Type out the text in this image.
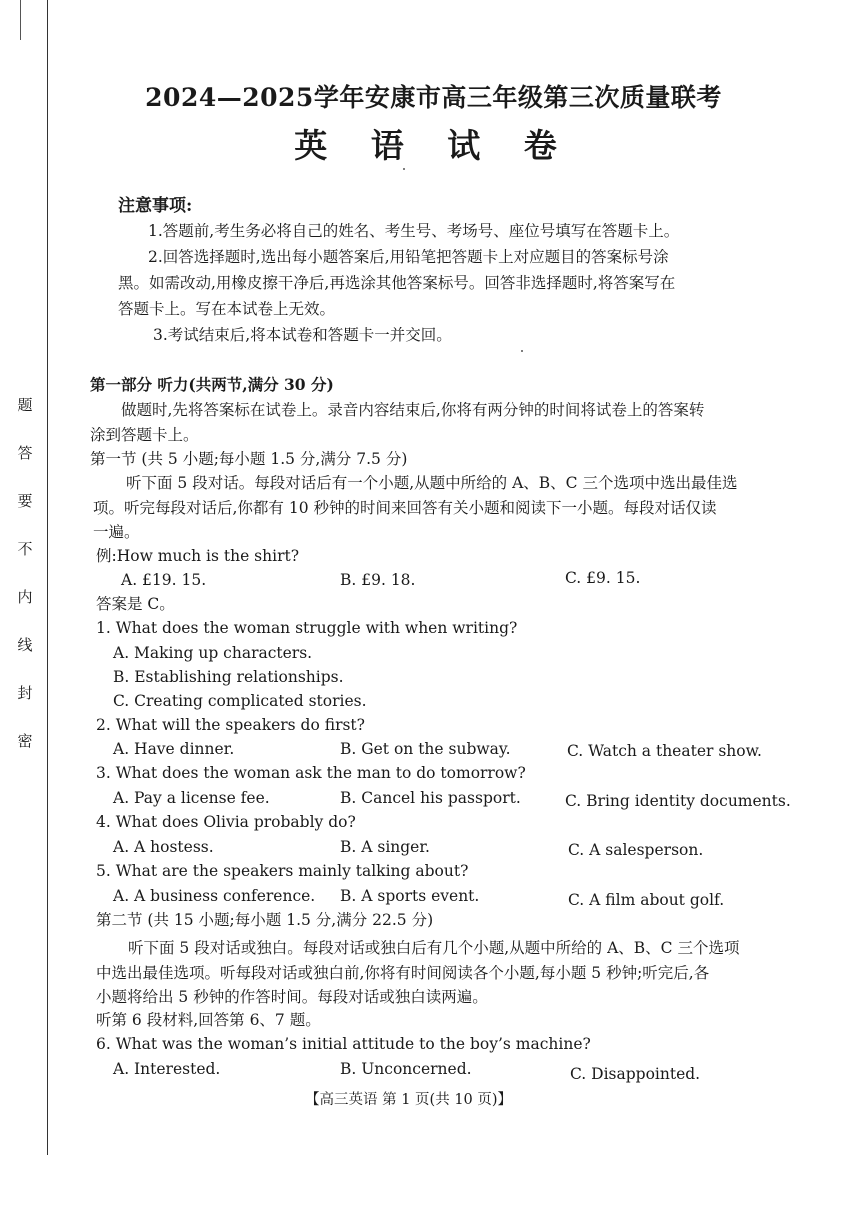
题
答
要
不
内
线
封
密
2024—2025学年安康市高三年级第三次质量联考
英 语 试 卷
注意事项:
1.答题前,考生务必将自己的姓名、考生号、考场号、座位号填写在答题卡上。
2.回答选择题时,选出每小题答案后,用铅笔把答题卡上对应题目的答案标号涂
黑。如需改动,用橡皮擦干净后,再选涂其他答案标号。回答非选择题时,将答案写在
答题卡上。写在本试卷上无效。
3.考试结束后,将本试卷和答题卡一并交回。
第一部分 听力(共两节,满分 30 分)
做题时,先将答案标在试卷上。录音内容结束后,你将有两分钟的时间将试卷上的答案转
涂到答题卡上。
第一节 (共 5 小题;每小题 1.5 分,满分 7.5 分)
听下面 5 段对话。每段对话后有一个小题,从题中所给的 A、B、C 三个选项中选出最佳选
项。听完每段对话后,你都有 10 秒钟的时间来回答有关小题和阅读下一小题。每段对话仅读
一遍。
例:How much is the shirt?
A. £19. 15.	B. £9. 18.	C. £9. 15.
答案是 C。
1. What does the woman struggle with when writing?
A. Making up characters.
B. Establishing relationships.
C. Creating complicated stories.
2. What will the speakers do first?
A. Have dinner.	B. Get on the subway.	C. Watch a theater show.
3. What does the woman ask the man to do tomorrow?
A. Pay a license fee.	B. Cancel his passport.	C. Bring identity documents.
4. What does Olivia probably do?
A. A hostess.	B. A singer.	C. A salesperson.
5. What are the speakers mainly talking about?
A. A business conference. B. A sports event.	C. A film about golf.
第二节 (共 15 小题;每小题 1.5 分,满分 22.5 分)
听下面 5 段对话或独白。每段对话或独白后有几个小题,从题中所给的 A、B、C 三个选项
中选出最佳选项。听每段对话或独白前,你将有时间阅读各个小题,每小题 5 秒钟;听完后,各
小题将给出 5 秒钟的作答时间。每段对话或独白读两遍。
听第 6 段材料,回答第 6、7 题。
6. What was the woman’s initial attitude to the boy’s machine?
A. Interested.	B. Unconcerned.	C. Disappointed.
【高三英语 第 1 页(共 10 页)】
